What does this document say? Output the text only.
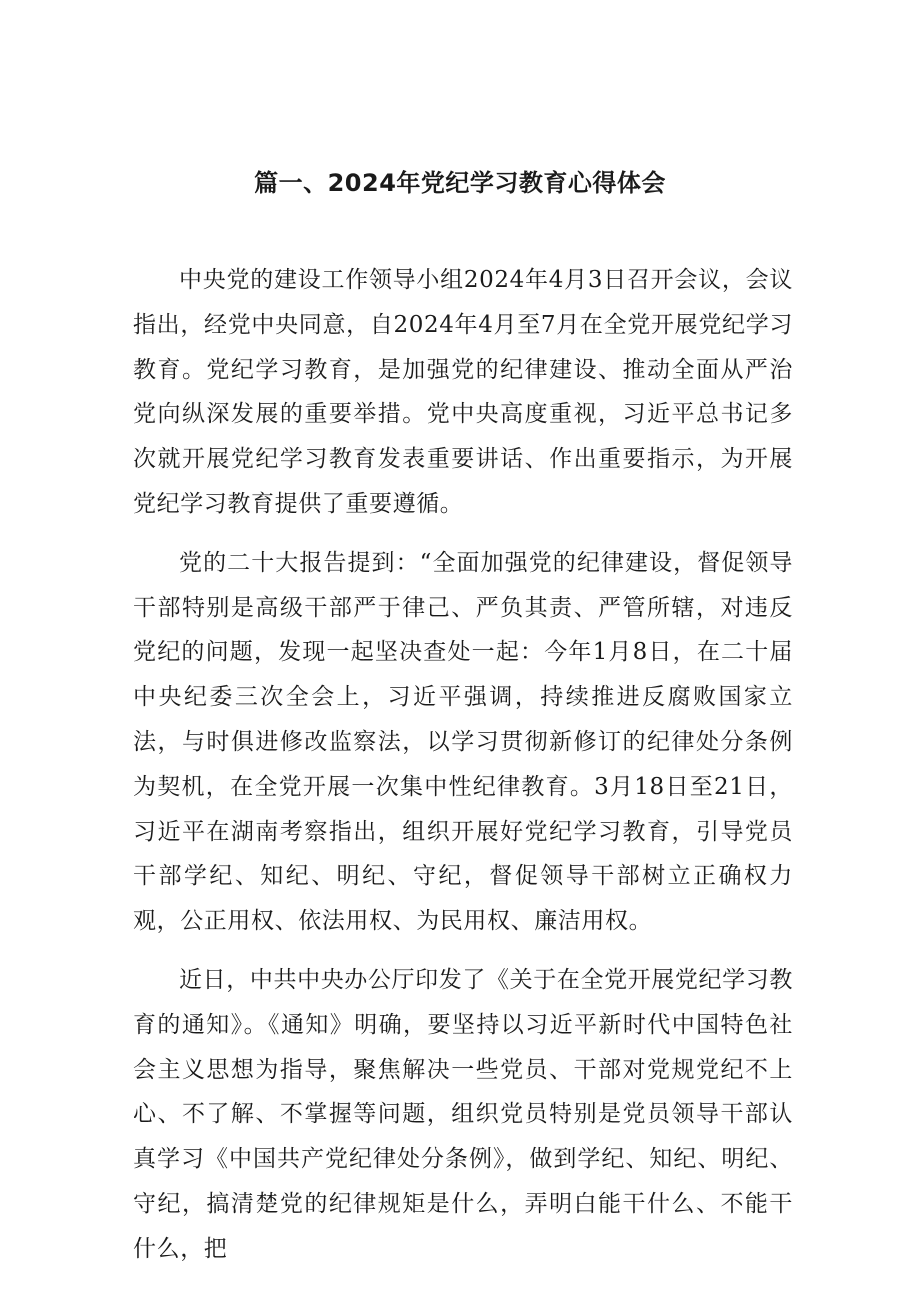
篇一、2024年党纪学习教育心得体会

中央党的建设工作领导小组2024年4月3日召开会议，会议指出，经党中央同意，自2024年4月至7月在全党开展党纪学习教育。党纪学习教育，是加强党的纪律建设、推动全面从严治党向纵深发展的重要举措。党中央高度重视，习近平总书记多次就开展党纪学习教育发表重要讲话、作出重要指示，为开展党纪学习教育提供了重要遵循。

党的二十大报告提到：“全面加强党的纪律建设，督促领导干部特别是高级干部严于律己、严负其责、严管所辖，对违反党纪的问题，发现一起坚决查处一起：今年1月8日，在二十届中央纪委三次全会上，习近平强调，持续推进反腐败国家立法，与时俱进修改监察法，以学习贯彻新修订的纪律处分条例为契机，在全党开展一次集中性纪律教育。3月18日至21日，习近平在湖南考察指出，组织开展好党纪学习教育，引导党员干部学纪、知纪、明纪、守纪，督促领导干部树立正确权力观，公正用权、依法用权、为民用权、廉洁用权。

近日，中共中央办公厅印发了《关于在全党开展党纪学习教育的通知》。《通知》明确，要坚持以习近平新时代中国特色社会主义思想为指导，聚焦解决一些党员、干部对党规党纪不上心、不了解、不掌握等问题，组织党员特别是党员领导干部认真学习《中国共产党纪律处分条例》，做到学纪、知纪、明纪、守纪，搞清楚党的纪律规矩是什么，弄明白能干什么、不能干什么，把
